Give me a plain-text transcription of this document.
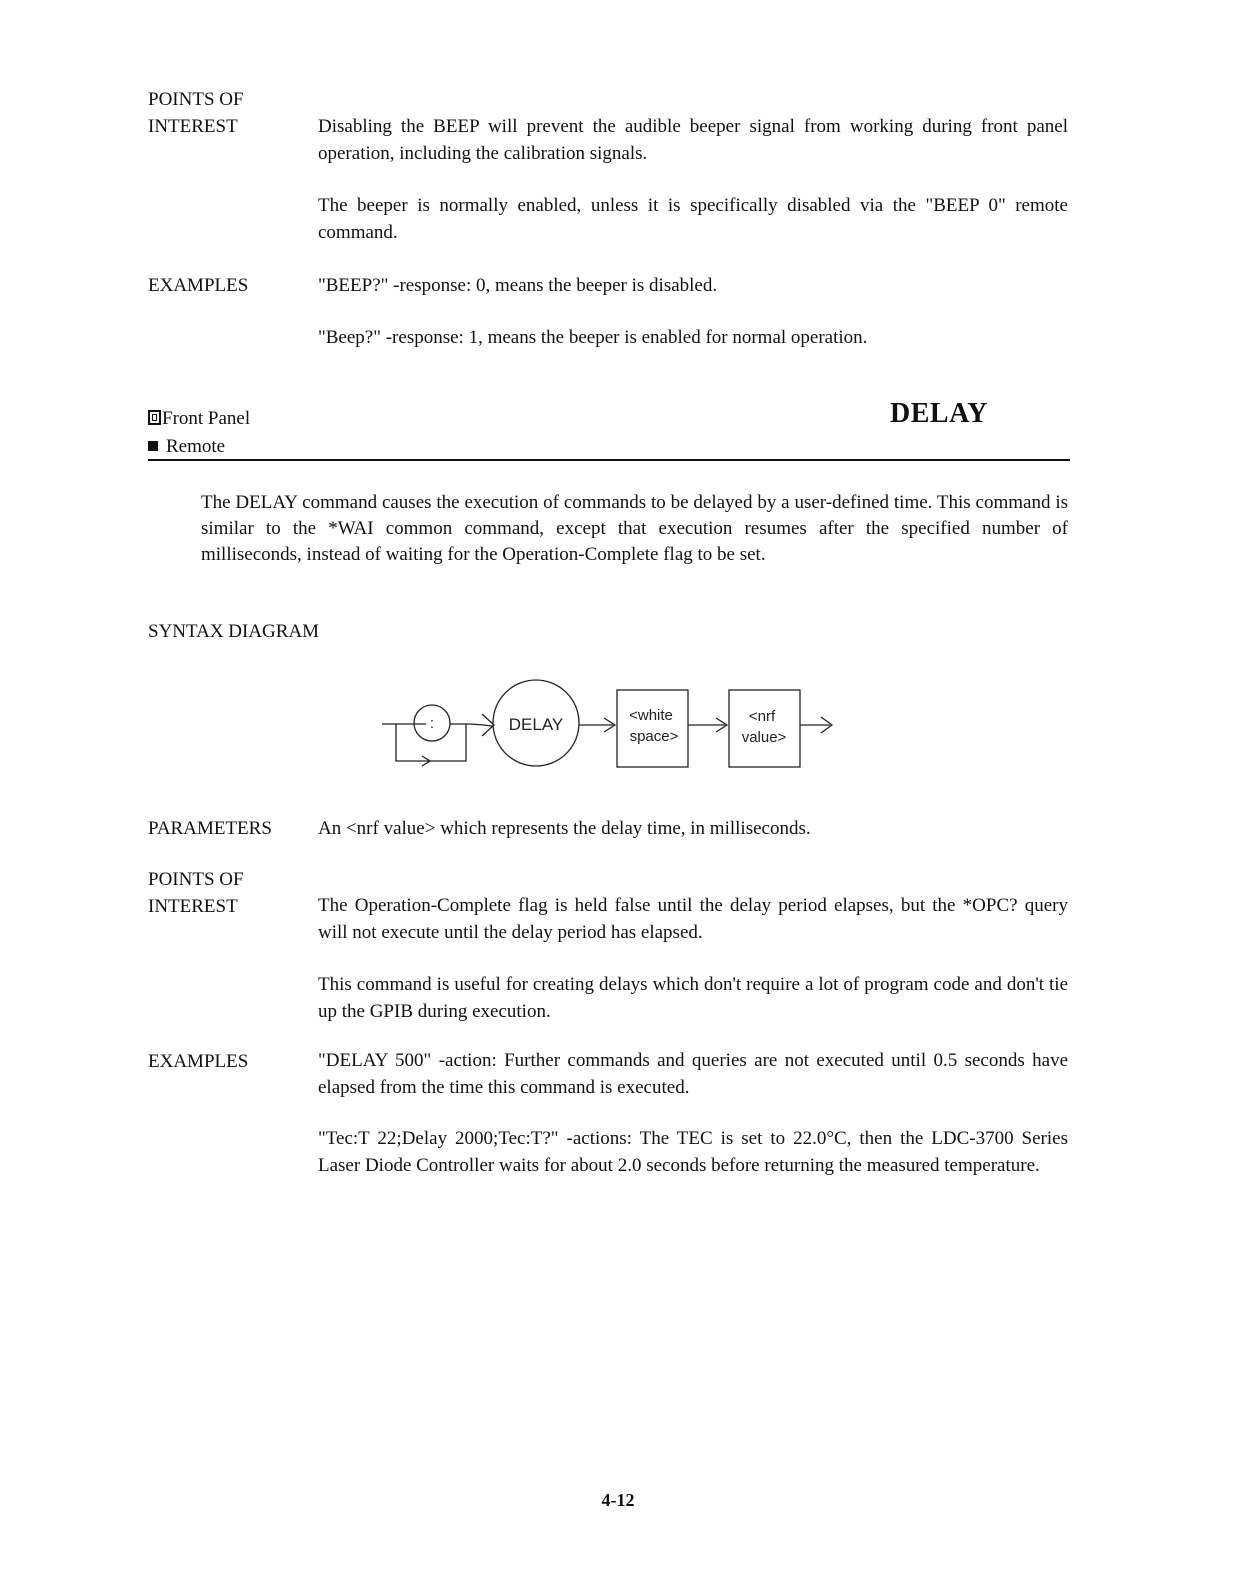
POINTS OF
INTEREST	Disabling the BEEP will prevent the audible beeper signal from working during front panel operation, including the calibration signals.
The beeper is normally enabled, unless it is specifically disabled via the "BEEP 0" remote command.
EXAMPLES	"BEEP?" -response: 0, means the beeper is disabled.
"Beep?" -response: 1, means the beeper is enabled for normal operation.
Front Panel
Remote
DELAY
The DELAY command causes the execution of commands to be delayed by a user-defined time. This command is similar to the *WAI common command, except that execution resumes after the specified number of milliseconds, instead of waiting for the Operation-Complete flag to be set.
SYNTAX DIAGRAM
:	DELAY	<white
space>
<nrf
value>
PARAMETERS An <nrf value> which represents the delay time, in milliseconds.
POINTS OF
INTEREST	The Operation-Complete flag is held false until the delay period elapses, but the *OPC? query will not execute until the delay period has elapsed.
This command is useful for creating delays which don't require a lot of program code and don't tie up the GPIB during execution.
EXAMPLES	"DELAY 500" -action: Further commands and queries are not executed until 0.5 seconds have elapsed from the time this command is executed.
"Tec:T 22;Delay 2000;Tec:T?" -actions: The TEC is set to 22.0°C, then the LDC-3700 Series Laser Diode Controller waits for about 2.0 seconds before returning the measured temperature.
4-12
